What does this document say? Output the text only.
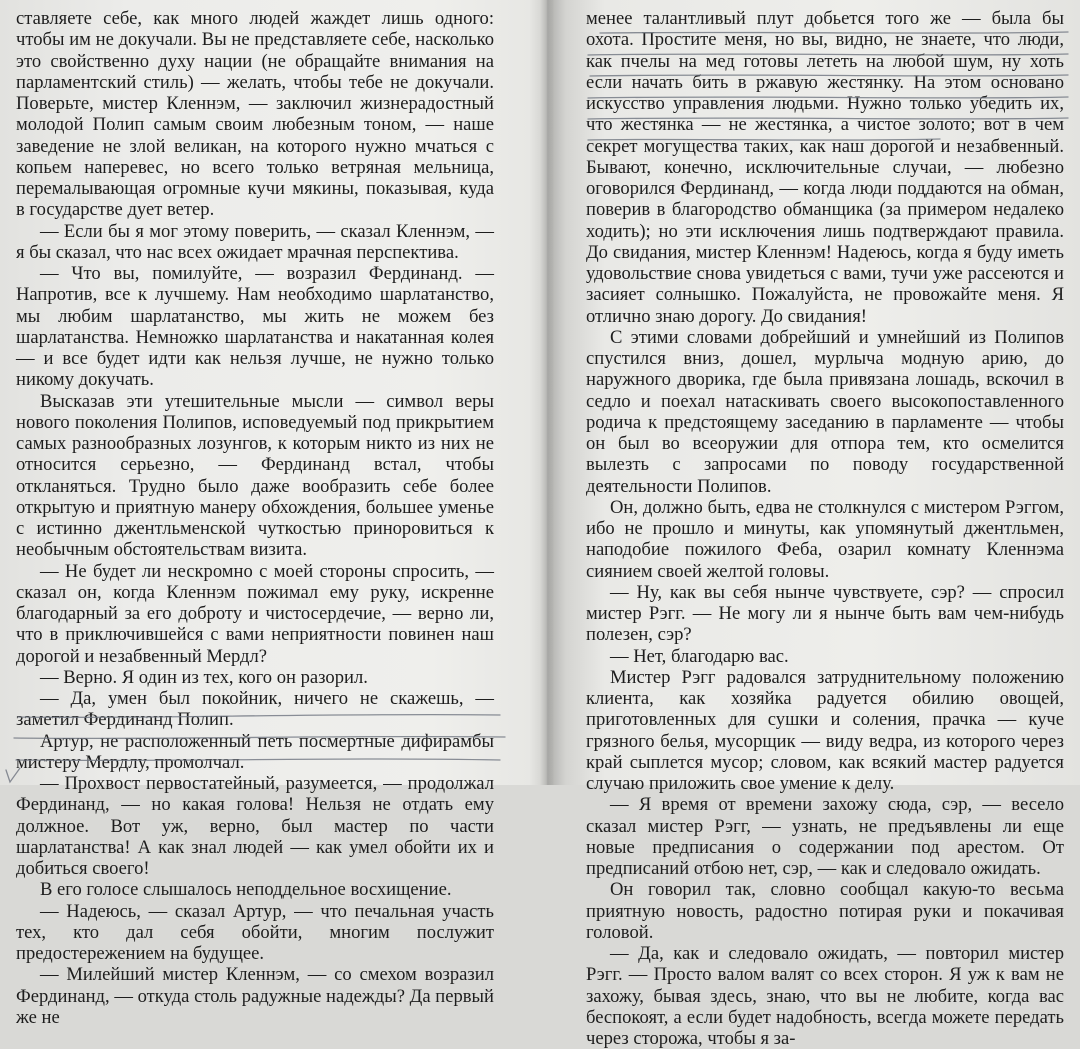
ставляете себе, как много людей жаждет лишь одного: чтобы им не докучали. Вы не представляете себе, насколько это свойственно духу нации (не обращайте внимания на парламентский стиль) — желать, чтобы тебе не докучали. Поверьте, мистер Кленнэм, — заключил жизнерадостный молодой Полип самым своим любезным тоном, — наше заведение не злой великан, на которого нужно мчаться с копьем наперевес, но всего только ветряная мельница, перемалывающая огромные кучи мякины, показывая, куда в государстве дует ветер.

— Если бы я мог этому поверить, — сказал Кленнэм, — я бы сказал, что нас всех ожидает мрачная перспектива.

— Что вы, помилуйте, — возразил Фердинанд. — Напротив, все к лучшему. Нам необходимо шарлатанство, мы любим шарлатанство, мы жить не можем без шарлатанства. Немножко шарлатанства и накатанная колея — и все будет идти как нельзя лучше, не нужно только никому докучать.

Высказав эти утешительные мысли — символ веры нового поколения Полипов, исповедуемый под прикрытием самых разнообразных лозунгов, к которым никто из них не относится серьезно, — Фердинанд встал, чтобы откланяться. Трудно было даже вообразить себе более открытую и приятную манеру обхождения, большее уменье с истинно джентльменской чуткостью приноровиться к необычным обстоятельствам визита.

— Не будет ли нескромно с моей стороны спросить, — сказал он, когда Кленнэм пожимал ему руку, искренне благодарный за его доброту и чистосердечие, — верно ли, что в приключившейся с вами неприятности повинен наш дорогой и незабвенный Мердл?

— Верно. Я один из тех, кого он разорил.

— Да, умен был покойник, ничего не скажешь, — заметил Фердинанд Полип.

Артур, не расположенный петь посмертные дифирамбы мистеру Мердлу, промолчал.

— Прохвост первостатейный, разумеется, — продолжал Фердинанд, — но какая голова! Нельзя не отдать ему должное. Вот уж, верно, был мастер по части шарлатанства! А как знал людей — как умел обойти их и добиться своего!

В его голосе слышалось неподдельное восхищение.

— Надеюсь, — сказал Артур, — что печальная участь тех, кто дал себя обойти, многим послужит предостережением на будущее.

— Милейший мистер Кленнэм, — со смехом возразил Фердинанд, — откуда столь радужные надежды? Да первый же не

менее талантливый плут добьется того же — была бы охота. Простите меня, но вы, видно, не знаете, что люди, как пчелы на мед готовы лететь на любой шум, ну хоть если начать бить в ржавую жестянку. На этом основано искусство управления людьми. Нужно только убедить их, что жестянка — не жестянка, а чистое золото; вот в чем секрет могущества таких, как наш дорогой и незабвенный. Бывают, конечно, исключительные случаи, — любезно оговорился Фердинанд, — когда люди поддаются на обман, поверив в благородство обманщика (за примером недалеко ходить); но эти исключения лишь подтверждают правила. До свидания, мистер Кленнэм! Надеюсь, когда я буду иметь удовольствие снова увидеться с вами, тучи уже рассеются и засияет солнышко. Пожалуйста, не провожайте меня. Я отлично знаю дорогу. До свидания!

С этими словами добрейший и умнейший из Полипов спустился вниз, дошел, мурлыча модную арию, до наружного дворика, где была привязана лошадь, вскочил в седло и поехал натаскивать своего высокопоставленного родича к предстоящему заседанию в парламенте — чтобы он был во всеоружии для отпора тем, кто осмелится вылезть с запросами по поводу государственной деятельности Полипов.

Он, должно быть, едва не столкнулся с мистером Рэггом, ибо не прошло и минуты, как упомянутый джентльмен, наподобие пожилого Феба, озарил комнату Кленнэма сиянием своей желтой головы.

— Ну, как вы себя нынче чувствуете, сэр? — спросил мистер Рэгг. — Не могу ли я нынче быть вам чем-нибудь полезен, сэр?

— Нет, благодарю вас.

Мистер Рэгг радовался затруднительному положению клиента, как хозяйка радуется обилию овощей, приготовленных для сушки и соления, прачка — куче грязного белья, мусорщик — виду ведра, из которого через край сыплется мусор; словом, как всякий мастер радуется случаю приложить свое умение к делу.

— Я время от времени захожу сюда, сэр, — весело сказал мистер Рэгг, — узнать, не предъявлены ли еще новые предписания о содержании под арестом. От предписаний отбою нет, сэр, — как и следовало ожидать.

Он говорил так, словно сообщал какую-то весьма приятную новость, радостно потирая руки и покачивая головой.

— Да, как и следовало ожидать, — повторил мистер Рэгг. — Просто валом валят со всех сторон. Я уж к вам не захожу, бывая здесь, знаю, что вы не любите, когда вас беспокоят, а если будет надобность, всегда можете передать через сторожа, чтобы я за-
